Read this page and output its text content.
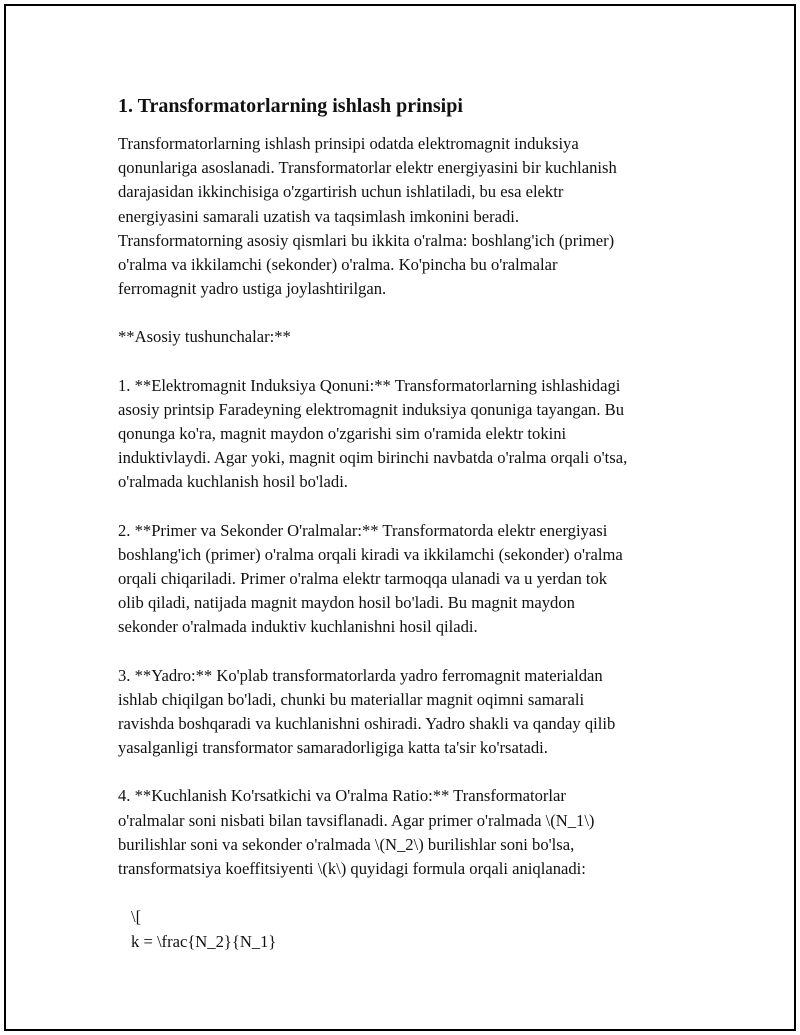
1. Transformatorlarning ishlash prinsipi

Transformatorlarning ishlash prinsipi odatda elektromagnit induksiya
qonunlariga asoslanadi. Transformatorlar elektr energiyasini bir kuchlanish
darajasidan ikkinchisiga o'zgartirish uchun ishlatiladi, bu esa elektr
energiyasini samarali uzatish va taqsimlash imkonini beradi.
Transformatorning asosiy qismlari bu ikkita o'ralma: boshlang'ich (primer)
o'ralma va ikkilamchi (sekonder) o'ralma. Ko'pincha bu o'ralmalar
ferromagnit yadro ustiga joylashtirilgan.

**Asosiy tushunchalar:**

1. **Elektromagnit Induksiya Qonuni:** Transformatorlarning ishlashidagi
asosiy printsip Faradeyning elektromagnit induksiya qonuniga tayangan. Bu
qonunga ko'ra, magnit maydon o'zgarishi sim o'ramida elektr tokini
induktivlaydi. Agar yoki, magnit oqim birinchi navbatda o'ralma orqali o'tsa,
o'ralmada kuchlanish hosil bo'ladi.

2. **Primer va Sekonder O'ralmalar:** Transformatorda elektr energiyasi
boshlang'ich (primer) o'ralma orqali kiradi va ikkilamchi (sekonder) o'ralma
orqali chiqariladi. Primer o'ralma elektr tarmoqqa ulanadi va u yerdan tok
olib qiladi, natijada magnit maydon hosil bo'ladi. Bu magnit maydon
sekonder o'ralmada induktiv kuchlanishni hosil qiladi.

3. **Yadro:** Ko'plab transformatorlarda yadro ferromagnit materialdan
ishlab chiqilgan bo'ladi, chunki bu materiallar magnit oqimni samarali
ravishda boshqaradi va kuchlanishni oshiradi. Yadro shakli va qanday qilib
yasalganligi transformator samaradorligiga katta ta'sir ko'rsatadi.

4. **Kuchlanish Ko'rsatkichi va O'ralma Ratio:** Transformatorlar
o'ralmalar soni nisbati bilan tavsiflanadi. Agar primer o'ralmada \(N_1\)
burilishlar soni va sekonder o'ralmada \(N_2\) burilishlar soni bo'lsa,
transformatsiya koeffitsiyenti \(k\) quyidagi formula orqali aniqlanadi:

\[
k = \frac{N_2}{N_1}
